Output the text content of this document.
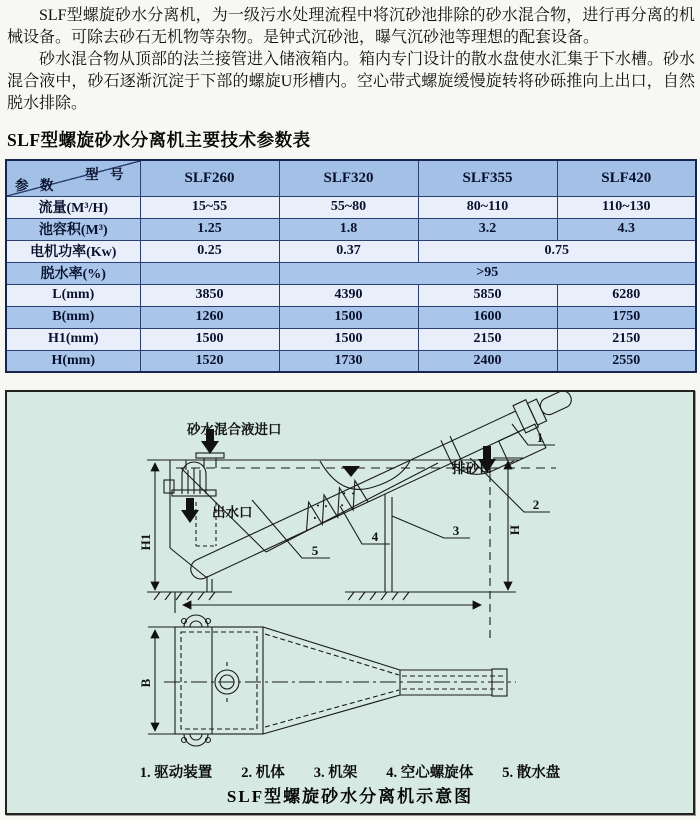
SLF型螺旋砂水分离机，为一级污水处理流程中将沉砂池排除的砂水混合物，进行再分离的机械设备。可除去砂石无机物等杂物。是钟式沉砂池，曝气沉砂池等理想的配套设备。

砂水混合物从顶部的法兰接管进入储液箱内。箱内专门设计的散水盘使水汇集于下水槽。砂水混合液中，砂石逐渐沉淀于下部的螺旋U形槽内。空心带式螺旋缓慢旋转将砂砾推向上出口，自然脱水排除。

SLF型螺旋砂水分离机主要技术参数表
型 号
参 数	SLF260	SLF320	SLF355	SLF420
流量(M³/H)	15~55	55~80	80~110	110~130
池容积(M³)	1.25	1.8	3.2	4.3
电机功率(Kw)	0.25	0.37	0.75	
脱水率(%)		>95		
L(mm)	3850	4390	5850	6280
B(mm)	1260	1500	1600	1750
H1(mm)	1500	1500	2150	2150
H(mm)	1520	1730	2400	2550
砂水混合液进口
排砂口
出水口
H1
H
B
1
2
3
4
5
1. 驱动装置　　2. 机体　　3. 机架　　4. 空心螺旋体　　5. 散水盘
SLF型螺旋砂水分离机示意图
